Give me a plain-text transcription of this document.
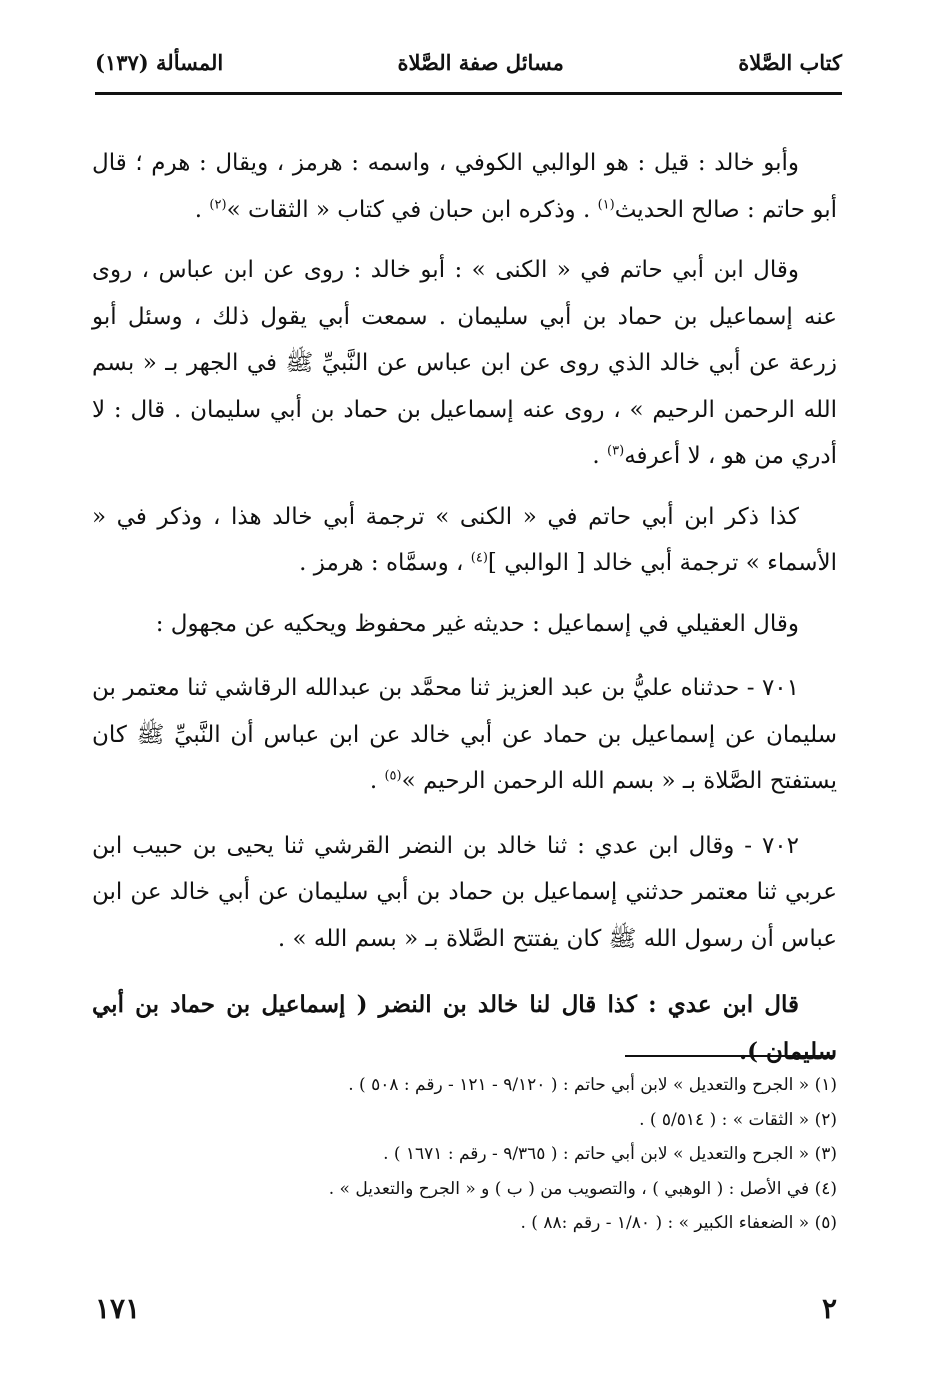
كتاب الصَّلاة
مسائل صفة الصَّلاة
المسألة (١٣٧)

وأبو خالد : قيل : هو الوالبي الكوفي ، واسمه : هرمز ، ويقال : هرم ؛ قال أبو حاتم : صالح الحديث$^{(١)}$ . وذكره ابن حبان في كتاب « الثقات »$^{(٢)}$ .

وقال ابن أبي حاتم في « الكنى » : أبو خالد : روى عن ابن عباس ، روى عنه إسماعيل بن حماد بن أبي سليمان . سمعت أبي يقول ذلك ، وسئل أبو زرعة عن أبي خالد الذي روى عن ابن عباس عن النَّبيِّ ﷺ في الجهر بـ « بسم الله الرحمن الرحيم » ، روى عنه إسماعيل بن حماد بن أبي سليمان . قال : لا أدري من هو ، لا أعرفه$^{(٣)}$ .

كذا ذكر ابن أبي حاتم في « الكنى » ترجمة أبي خالد هذا ، وذكر في « الأسماء » ترجمة أبي خالد [ الوالبي ]$^{(٤)}$ ، وسمَّاه : هرمز .

وقال العقيلي في إسماعيل : حديثه غير محفوظ ويحكيه عن مجهول :

٧٠١ - حدثناه عليُّ بن عبد العزيز ثنا محمَّد بن عبدالله الرقاشي ثنا معتمر بن سليمان عن إسماعيل بن حماد عن أبي خالد عن ابن عباس أن النَّبيِّ ﷺ كان يستفتح الصَّلاة بـ « بسم الله الرحمن الرحيم »$^{(٥)}$ .

٧٠٢ - وقال ابن عدي : ثنا خالد بن النضر القرشي ثنا يحيى بن حبيب ابن عربي ثنا معتمر حدثني إسماعيل بن حماد بن أبي سليمان عن أبي خالد عن ابن عباس أن رسول الله ﷺ كان يفتتح الصَّلاة بـ « بسم الله » .

قال ابن عدي : كذا قال لنا خالد بن النضر ( إسماعيل بن حماد بن أبي سليمان ).

(١) « الجرح والتعديل » لابن أبي حاتم : ( ٩/١٢٠ - ١٢١ - رقم : ٥٠٨ ) .

(٢) « الثقات » : ( ٥/٥١٤ ) .

(٣) « الجرح والتعديل » لابن أبي حاتم : ( ٩/٣٦٥ - رقم : ١٦٧١ ) .

(٤) في الأصل : ( الوهبي ) ، والتصويب من ( ب ) و « الجرح والتعديل » .

(٥) « الضعفاء الكبير » : ( ١/٨٠ - رقم :٨٨ ) .

٢
١٧١
